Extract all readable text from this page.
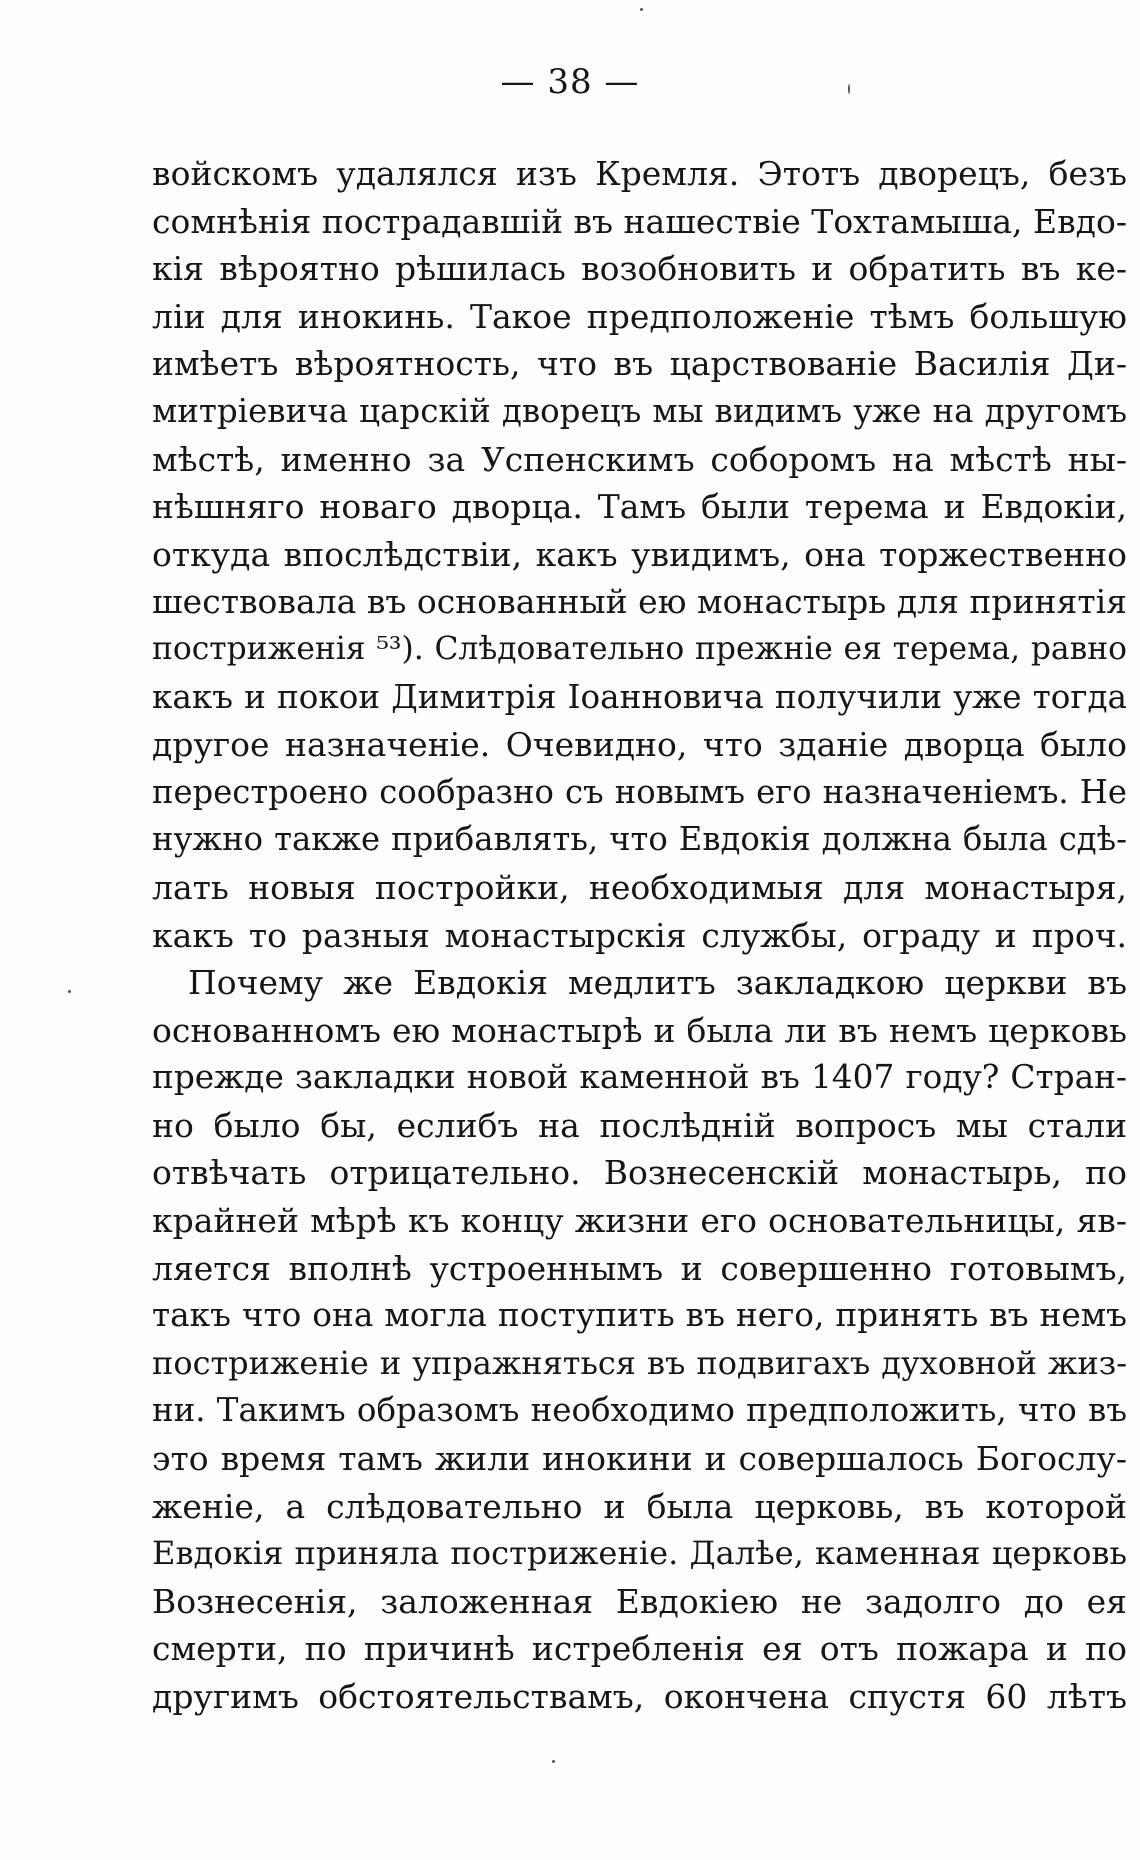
— 38 —
войскомъ удалялся изъ Кремля. Этотъ дворецъ, безъ
сомнѣнія пострадавшій въ нашествіе Тохтамыша, Евдо-
кія вѣроятно рѣшилась возобновить и обратить въ ке-
ліи для инокинь. Такое предположеніе тѣмъ большую
имѣетъ вѣроятность, что въ царствованіе Василія Ди-
митріевича царскій дворецъ мы видимъ уже на другомъ
мѣстѣ, именно за Успенскимъ соборомъ на мѣстѣ ны-
нѣшняго новаго дворца. Тамъ были терема и Евдокіи,
откуда впослѣдствіи, какъ увидимъ, она торжественно
шествовала въ основанный ею монастырь для принятія
постриженія ⁵³). Слѣдовательно прежніе ея терема, равно
какъ и покои Димитрія Іоанновича получили уже тогда
другое назначеніе. Очевидно, что зданіе дворца было
перестроено сообразно съ новымъ его назначеніемъ. Не
нужно также прибавлять, что Евдокія должна была сдѣ-
лать новыя постройки, необходимыя для монастыря,
какъ то разныя монастырскія службы, ограду и проч.
Почему же Евдокія медлитъ закладкою церкви въ
основанномъ ею монастырѣ и была ли въ немъ церковь
прежде закладки новой каменной въ 1407 году? Стран-
но было бы, еслибъ на послѣдній вопросъ мы стали
отвѣчать отрицательно. Вознесенскій монастырь, по
крайней мѣрѣ къ концу жизни его основательницы, яв-
ляется вполнѣ устроеннымъ и совершенно готовымъ,
такъ что она могла поступить въ него, принять въ немъ
постриженіе и упражняться въ подвигахъ духовной жиз-
ни. Такимъ образомъ необходимо предположить, что въ
это время тамъ жили инокини и совершалось Богослу-
женіе, а слѣдовательно и была церковь, въ которой
Евдокія приняла постриженіе. Далѣе, каменная церковь
Вознесенія, заложенная Евдокіею не задолго до ея
смерти, по причинѣ истребленія ея отъ пожара и по
другимъ обстоятельствамъ, окончена спустя 60 лѣтъ
